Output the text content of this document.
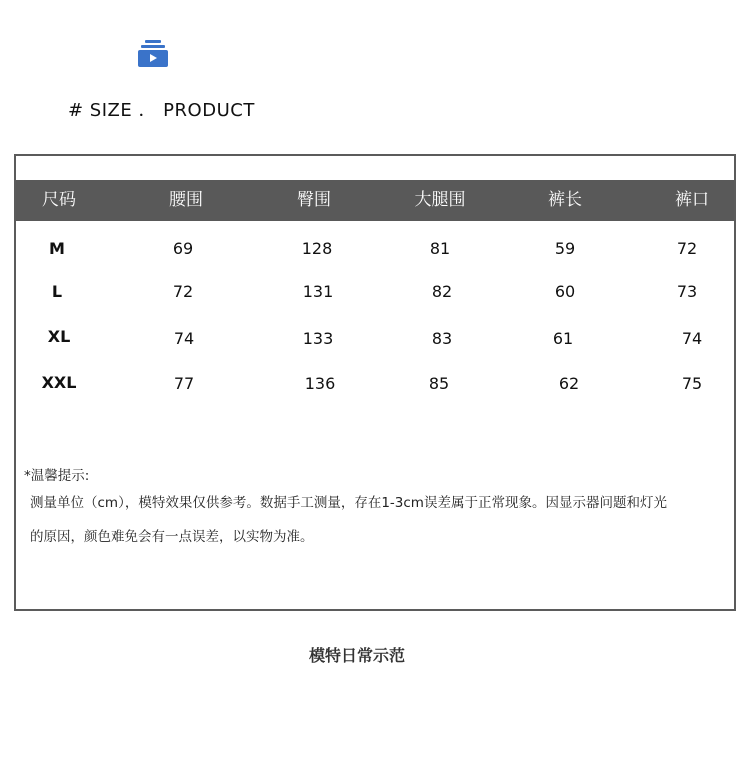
# SIZE ． PRODUCT
尺码	腰围	臀围	大腿围	裤长	裤口
M	69	128	81	59	72
L	72	131	82	60	73
XL	74	133	83	61	74
XXL	77	136	85	62	75
*温馨提示:
测量单位（cm），模特效果仅供参考。数据手工测量，存在1-3cm误差属于正常现象。因显示器问题和灯光
的原因，颜色难免会有一点误差，以实物为准。
模特日常示范
